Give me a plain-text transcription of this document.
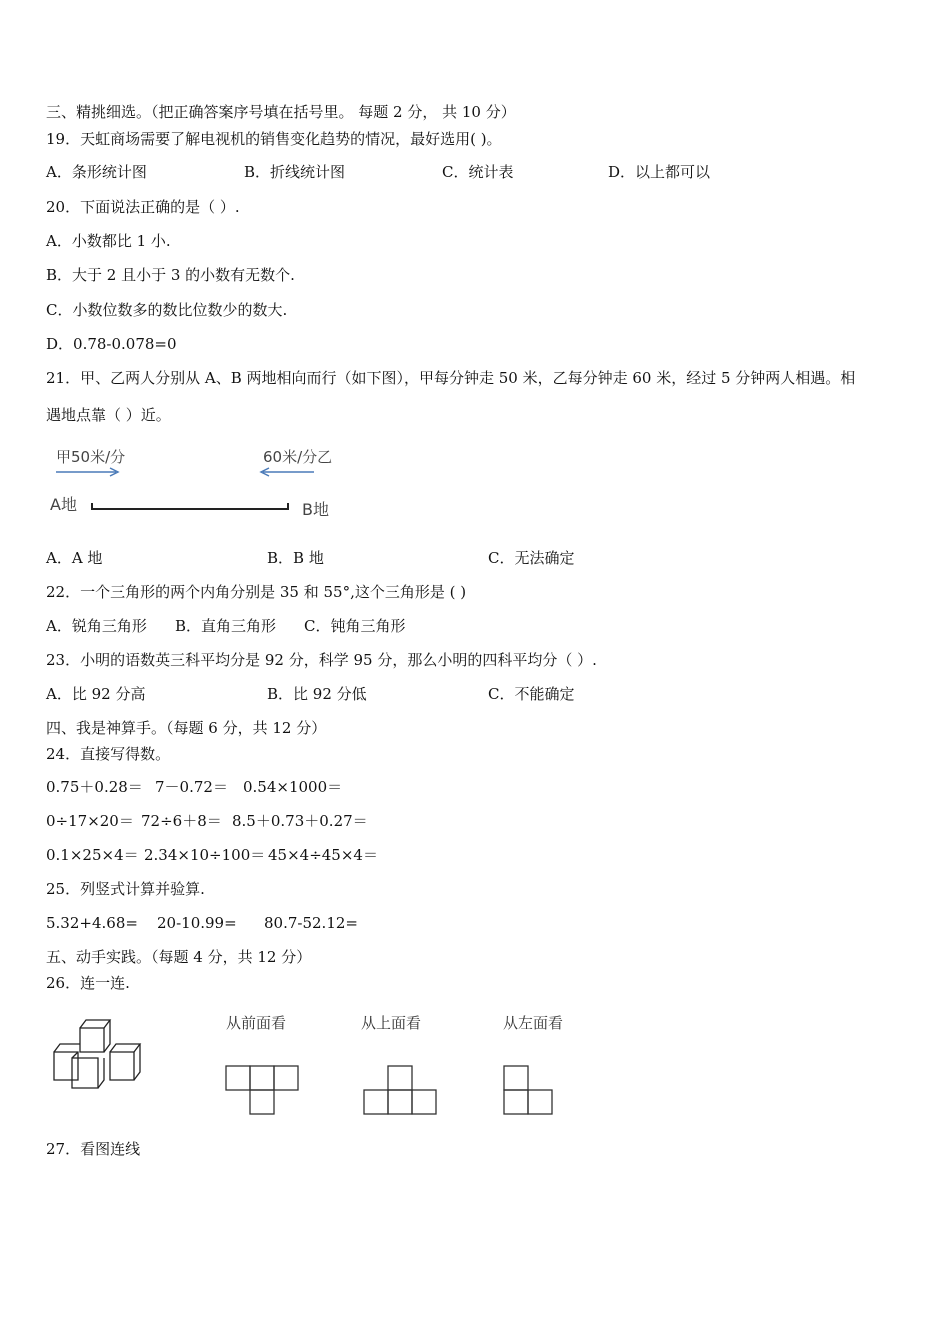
三、精挑细选。（把正确答案序号填在括号里。 每题 2 分， 共 10 分）
19．天虹商场需要了解电视机的销售变化趋势的情况，最好选用( )。
A．条形统计图	B．折线统计图	C．统计表	D．以上都可以
20．下面说法正确的是（ ）.
A．小数都比 1 小.
B．大于 2 且小于 3 的小数有无数个.
C．小数位数多的数比位数少的数大.
D．0.78-0.078=0
21．甲、乙两人分别从 A、B 两地相向而行（如下图），甲每分钟走 50 米，乙每分钟走 60 米，经过 5 分钟两人相遇。相
遇地点靠（ ）近。
甲50米/分	60米/分乙
A地	B地
A．A 地	B．B 地	C．无法确定
22．一个三角形的两个内角分别是 35 和 55°,这个三角形是 ( )
A．锐角三角形 B．直角三角形 C．钝角三角形
23．小明的语数英三科平均分是 92 分，科学 95 分，那么小明的四科平均分（ ）.
A．比 92 分高	B．比 92 分低	C．不能确定
四、我是神算手。（每题 6 分，共 12 分）
24．直接写得数。
0.75＋0.28＝ 7－0.72＝ 0.54×1000＝
0÷17×20＝ 72÷6＋8＝ 8.5＋0.73＋0.27＝
0.1×25×4＝ 2.34×10÷100＝ 45×4÷45×4＝
25．列竖式计算并验算.
5.32+4.68= 20-10.99= 80.7-52.12=
五、动手实践。（每题 4 分，共 12 分）
26．连一连.
从前面看	从上面看	从左面看
27．看图连线
